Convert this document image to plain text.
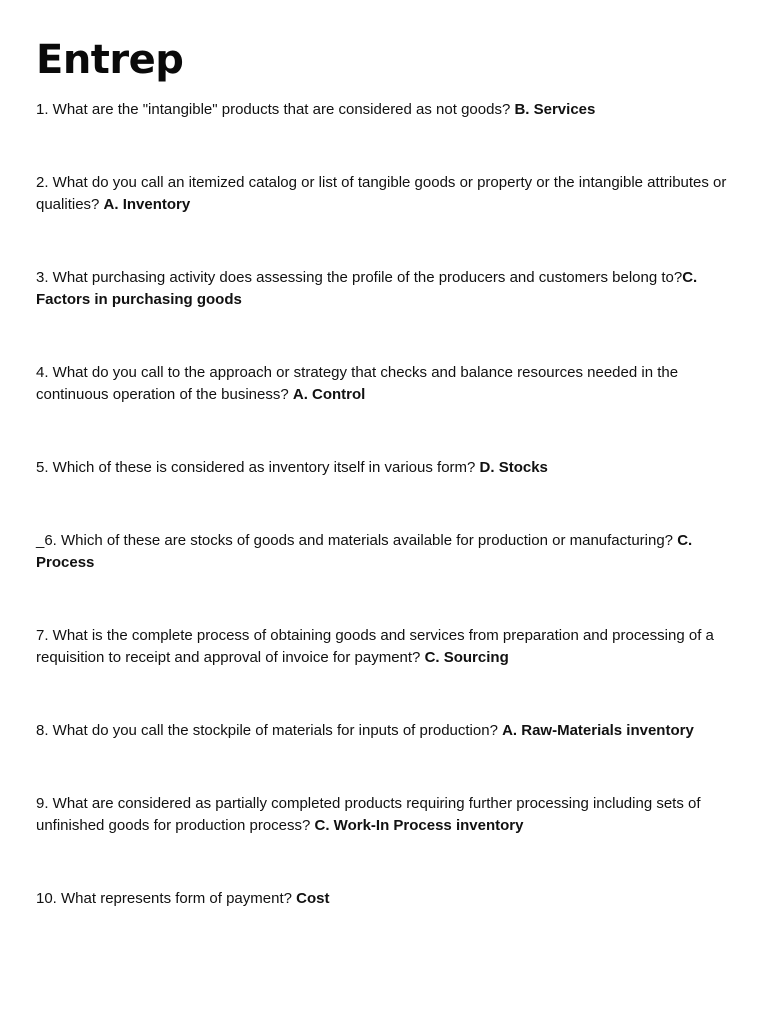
Entrep

1. What are the "intangible" products that are considered as not goods? B. Services

2. What do you call an itemized catalog or list of tangible goods or property or the intangible attributes or qualities? A. Inventory

3. What purchasing activity does assessing the profile of the producers and customers belong to?C. Factors in purchasing goods

4. What do you call to the approach or strategy that checks and balance resources needed in the continuous operation of the business? A. Control

5. Which of these is considered as inventory itself in various form? D. Stocks

_6. Which of these are stocks of goods and materials available for production or manufacturing? C. Process

7. What is the complete process of obtaining goods and services from preparation and processing of a requisition to receipt and approval of invoice for payment? C. Sourcing

8. What do you call the stockpile of materials for inputs of production? A. Raw-Materials inventory

9. What are considered as partially completed products requiring further processing including sets of unfinished goods for production process? C. Work-In Process inventory

10. What represents form of payment? Cost
